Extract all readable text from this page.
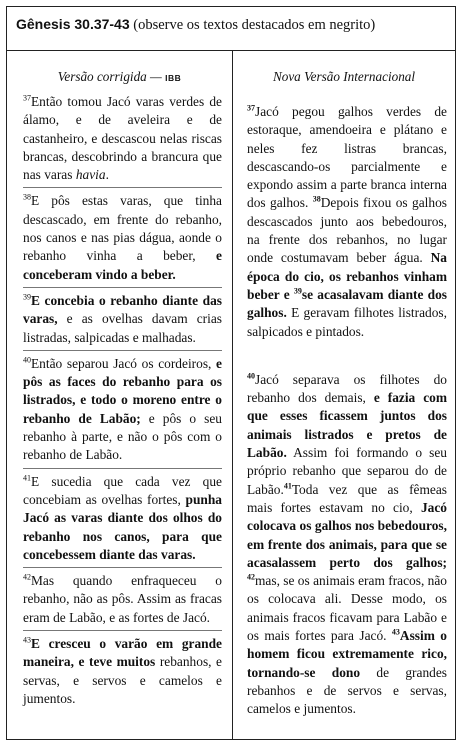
Gênesis 30.37-43 (observe os textos destacados em negrito)
Versão corrigida — IBB
$^{37}$Então tomou Jacó varas verdes de álamo, e de aveleira e de castanheiro, e descascou nelas riscas brancas, descobrindo a brancura que nas varas havia.
$^{38}$E pôs estas varas, que tinha descascado, em frente do rebanho, nos canos e nas pias dágua, aonde o rebanho vinha a beber, e conceberam vindo a beber.
$^{39}$E concebia o rebanho diante das varas, e as ovelhas davam crias listradas, salpicadas e malhadas.
$^{40}$Então separou Jacó os cordeiros, e pôs as faces do rebanho para os listrados, e todo o moreno entre o rebanho de Labão; e pôs o seu rebanho à parte, e não o pôs com o rebanho de Labão.
$^{41}$E sucedia que cada vez que concebiam as ovelhas fortes, punha Jacó as varas diante dos olhos do rebanho nos canos, para que concebessem diante das varas.
$^{42}$Mas quando enfraqueceu o rebanho, não as pôs. Assim as fracas eram de Labão, e as fortes de Jacó.
$^{43}$E cresceu o varão em grande maneira, e teve muitos rebanhos, e servas, e servos e camelos e jumentos.
Nova Versão Internacional
$^{37}$Jacó pegou galhos verdes de estoraque, amendoeira e plátano e neles fez listras brancas, descascando-os parcialmente e expondo assim a parte branca interna dos galhos. $^{38}$Depois fixou os galhos descascados junto aos bebedouros, na frente dos rebanhos, no lugar onde costumavam beber água. Na época do cio, os rebanhos vinham beber e $^{39}$se acasalavam diante dos galhos. E geravam filhotes listrados, salpicados e pintados.
$^{40}$Jacó separava os filhotes do rebanho dos demais, e fazia com que esses ficassem juntos dos animais listrados e pretos de Labão. Assim foi formando o seu próprio rebanho que separou do de Labão.$^{41}$Toda vez que as fêmeas mais fortes estavam no cio, Jacó colocava os galhos nos bebedouros, em frente dos animais, para que se acasalassem perto dos galhos; $^{42}$mas, se os animais eram fracos, não os colocava ali. Desse modo, os animais fracos ficavam para Labão e os mais fortes para Jacó. $^{43}$Assim o homem ficou extremamente rico, tornando-se dono de grandes rebanhos e de servos e servas, camelos e jumentos.
